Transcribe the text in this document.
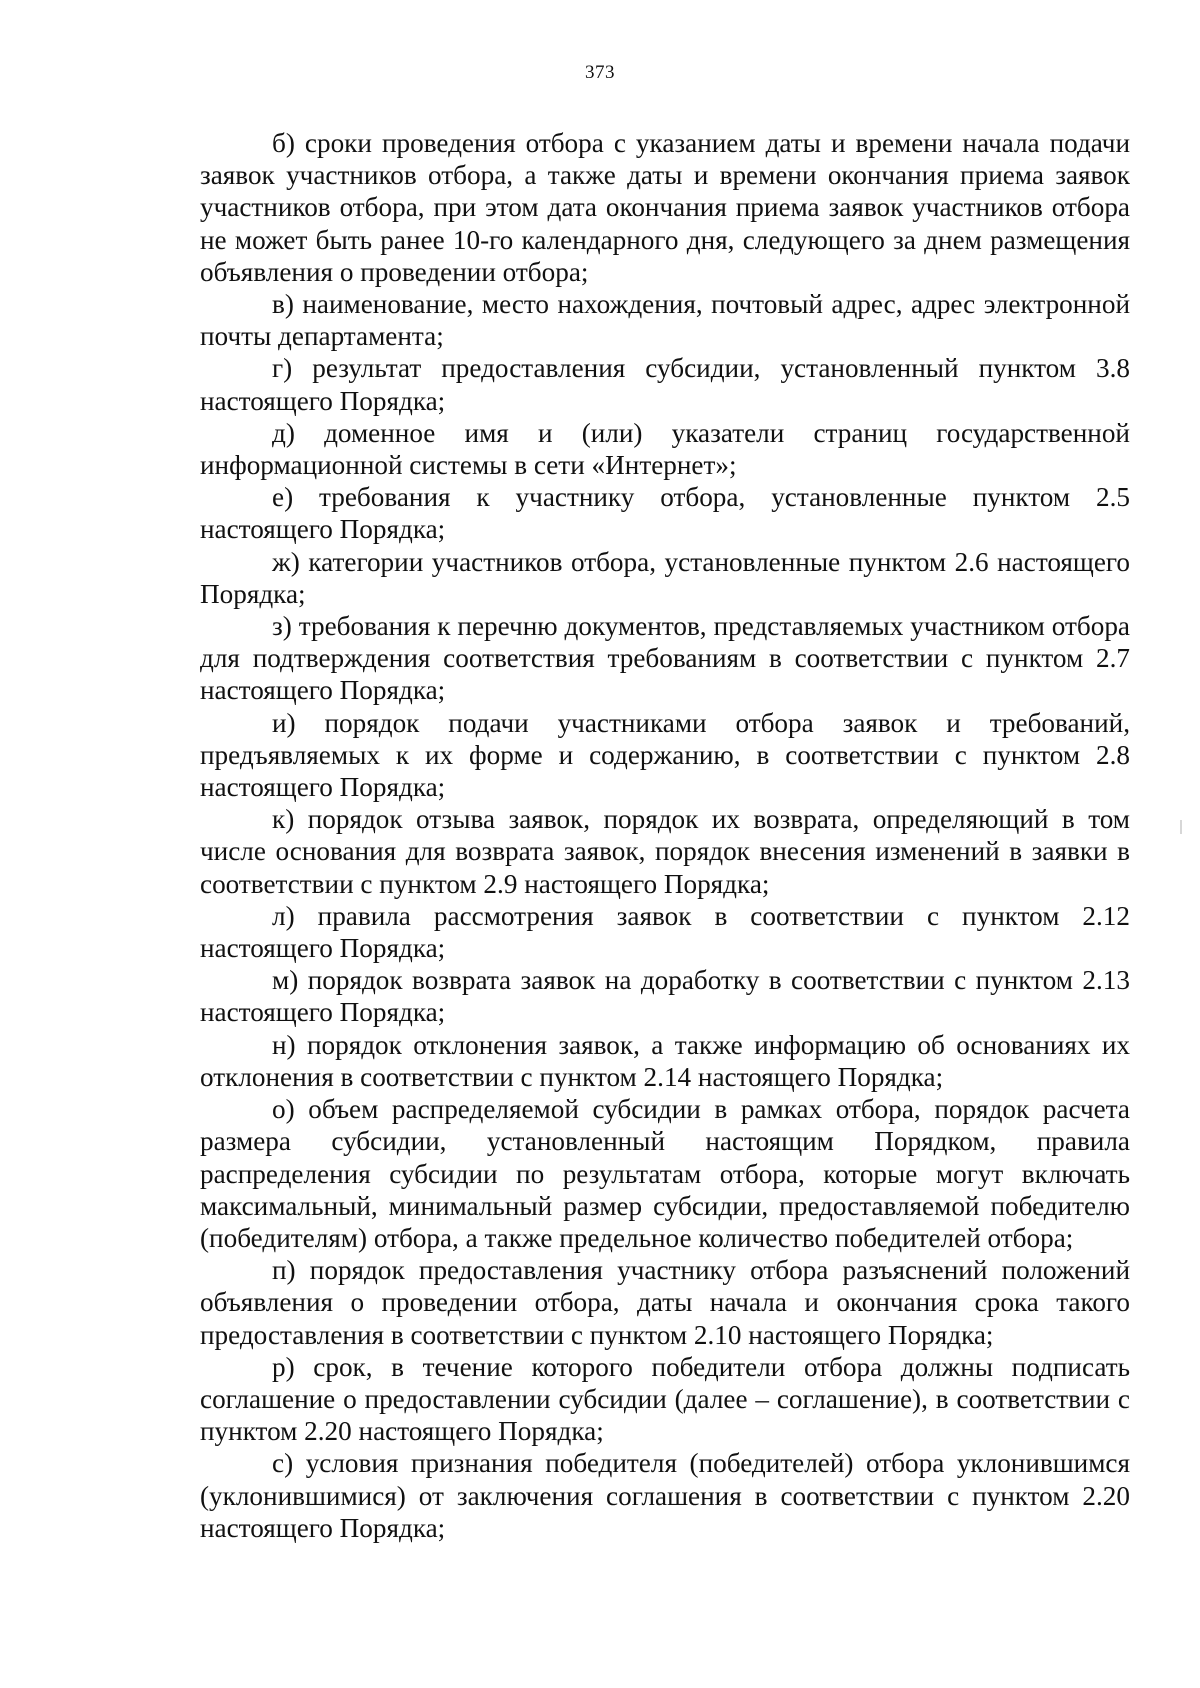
373

б) сроки проведения отбора с указанием даты и времени начала подачи заявок участников отбора, а также даты и времени окончания приема заявок участников отбора, при этом дата окончания приема заявок участников отбора не может быть ранее 10-го календарного дня, следующего за днем размещения объявления о проведении отбора;

в) наименование, место нахождения, почтовый адрес, адрес электронной почты департамента;

г) результат предоставления субсидии, установленный пунктом 3.8 настоящего Порядка;

д) доменное имя и (или) указатели страниц государственной информационной системы в сети «Интернет»;

е) требования к участнику отбора, установленные пунктом 2.5 настоящего Порядка;

ж) категории участников отбора, установленные пунктом 2.6 настоящего Порядка;

з) требования к перечню документов, представляемых участником отбора для подтверждения соответствия требованиям в соответствии с пунктом 2.7 настоящего Порядка;

и) порядок подачи участниками отбора заявок и требований, предъявляемых к их форме и содержанию, в соответствии с пунктом 2.8 настоящего Порядка;

к) порядок отзыва заявок, порядок их возврата, определяющий в том числе основания для возврата заявок, порядок внесения изменений в заявки в соответствии с пунктом 2.9 настоящего Порядка;

л) правила рассмотрения заявок в соответствии с пунктом 2.12 настоящего Порядка;

м) порядок возврата заявок на доработку в соответствии с пунктом 2.13 настоящего Порядка;

н) порядок отклонения заявок, а также информацию об основаниях их отклонения в соответствии с пунктом 2.14 настоящего Порядка;

о) объем распределяемой субсидии в рамках отбора, порядок расчета размера субсидии, установленный настоящим Порядком, правила распределения субсидии по результатам отбора, которые могут включать максимальный, минимальный размер субсидии, предоставляемой победителю (победителям) отбора, а также предельное количество победителей отбора;

п) порядок предоставления участнику отбора разъяснений положений объявления о проведении отбора, даты начала и окончания срока такого предоставления в соответствии с пунктом 2.10 настоящего Порядка;

р) срок, в течение которого победители отбора должны подписать соглашение о предоставлении субсидии (далее – соглашение), в соответствии с пунктом 2.20 настоящего Порядка;

с) условия признания победителя (победителей) отбора уклонившимся (уклонившимися) от заключения соглашения в соответствии с пунктом 2.20 настоящего Порядка;
